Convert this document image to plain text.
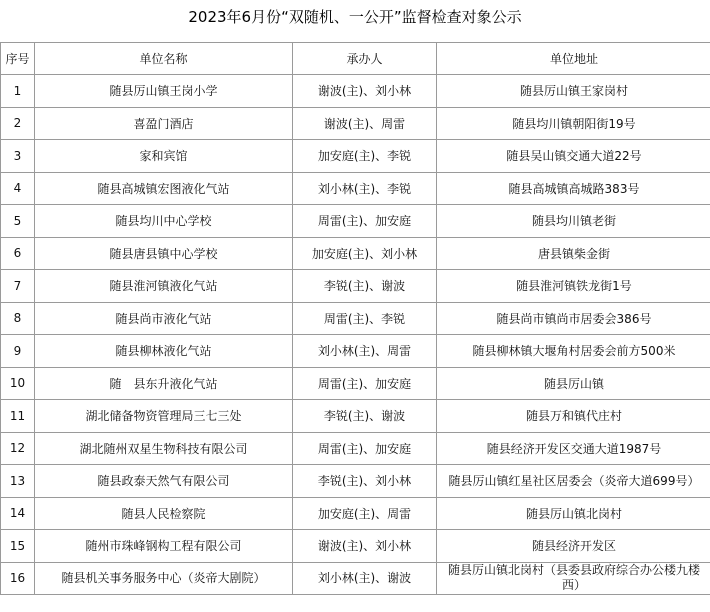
2023年6月份“双随机、一公开”监督检查对象公示
序号	单位名称	承办人	单位地址
1	随县厉山镇王岗小学	谢波(主)、刘小林	随县厉山镇王家岗村
2	喜盈门酒店	谢波(主)、周雷	随县均川镇朝阳街19号
3	家和宾馆	加安庭(主)、李锐	随县吴山镇交通大道22号
4	随县高城镇宏图液化气站	刘小林(主)、李锐	随县高城镇高城路383号
5	随县均川中心学校	周雷(主)、加安庭	随县均川镇老街
6	随县唐县镇中心学校	加安庭(主)、刘小林	唐县镇柴金街
7	随县淮河镇液化气站	李锐(主)、谢波	随县淮河镇铁龙街1号
8	随县尚市液化气站	周雷(主)、李锐	随县尚市镇尚市居委会386号
9	随县柳林液化气站	刘小林(主)、周雷	随县柳林镇大堰角村居委会前方500米
10	随　县东升液化气站	周雷(主)、加安庭	随县厉山镇
11	湖北储备物资管理局三七三处	李锐(主)、谢波	随县万和镇代庄村
12	湖北随州双星生物科技有限公司	周雷(主)、加安庭	随县经济开发区交通大道1987号
13	随县政泰天然气有限公司	李锐(主)、刘小林	随县厉山镇红星社区居委会（炎帝大道699号）
14	随县人民检察院	加安庭(主)、周雷	随县厉山镇北岗村
15	随州市珠峰钢构工程有限公司	谢波(主)、刘小林	随县经济开发区
16	随县机关事务服务中心（炎帝大剧院）	刘小林(主)、谢波	随县厉山镇北岗村（县委县政府综合办公楼九楼西）
